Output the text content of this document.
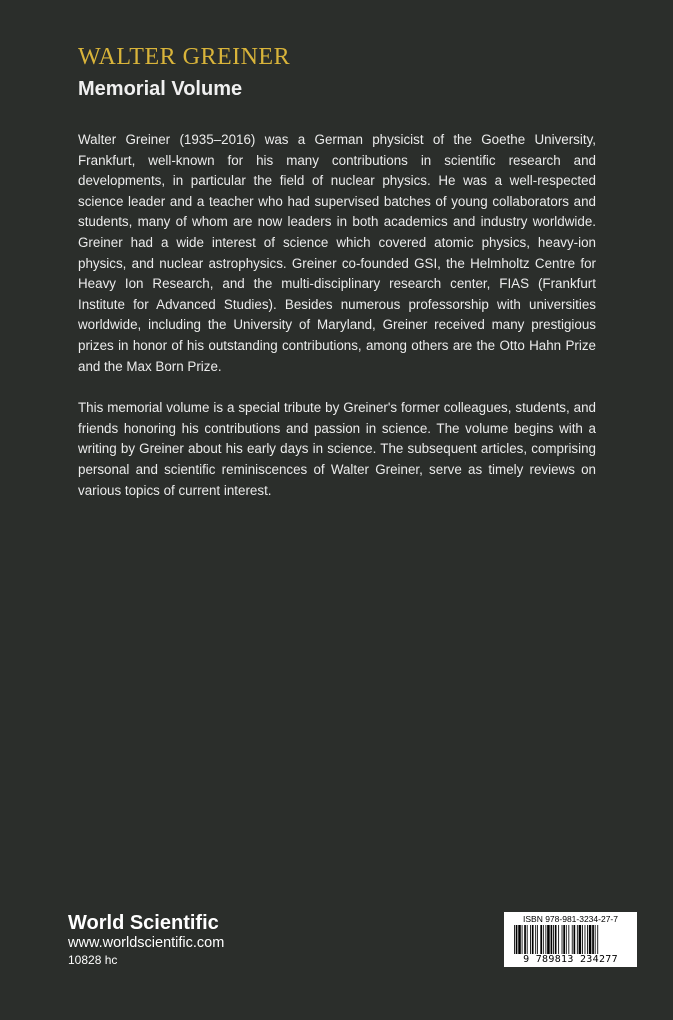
WALTER GREINER
Memorial Volume

Walter Greiner (1935–2016) was a German physicist of the Goethe University, Frankfurt, well-known for his many contributions in scientific research and developments, in particular the field of nuclear physics. He was a well-respected science leader and a teacher who had supervised batches of young collaborators and students, many of whom are now leaders in both academics and industry worldwide. Greiner had a wide interest of science which covered atomic physics, heavy-ion physics, and nuclear astrophysics. Greiner co-founded GSI, the Helmholtz Centre for Heavy Ion Research, and the multi-disciplinary research center, FIAS (Frankfurt Institute for Advanced Studies). Besides numerous professorship with universities worldwide, including the University of Maryland, Greiner received many prestigious prizes in honor of his outstanding contributions, among others are the Otto Hahn Prize and the Max Born Prize.

This memorial volume is a special tribute by Greiner's former colleagues, students, and friends honoring his contributions and passion in science. The volume begins with a writing by Greiner about his early days in science. The subsequent articles, comprising personal and scientific reminiscences of Walter Greiner, serve as timely reviews on various topics of current interest.

World Scientific
www.worldscientific.com
10828 hc
ISBN 978-981-3234-27-7
9 789813 234277
